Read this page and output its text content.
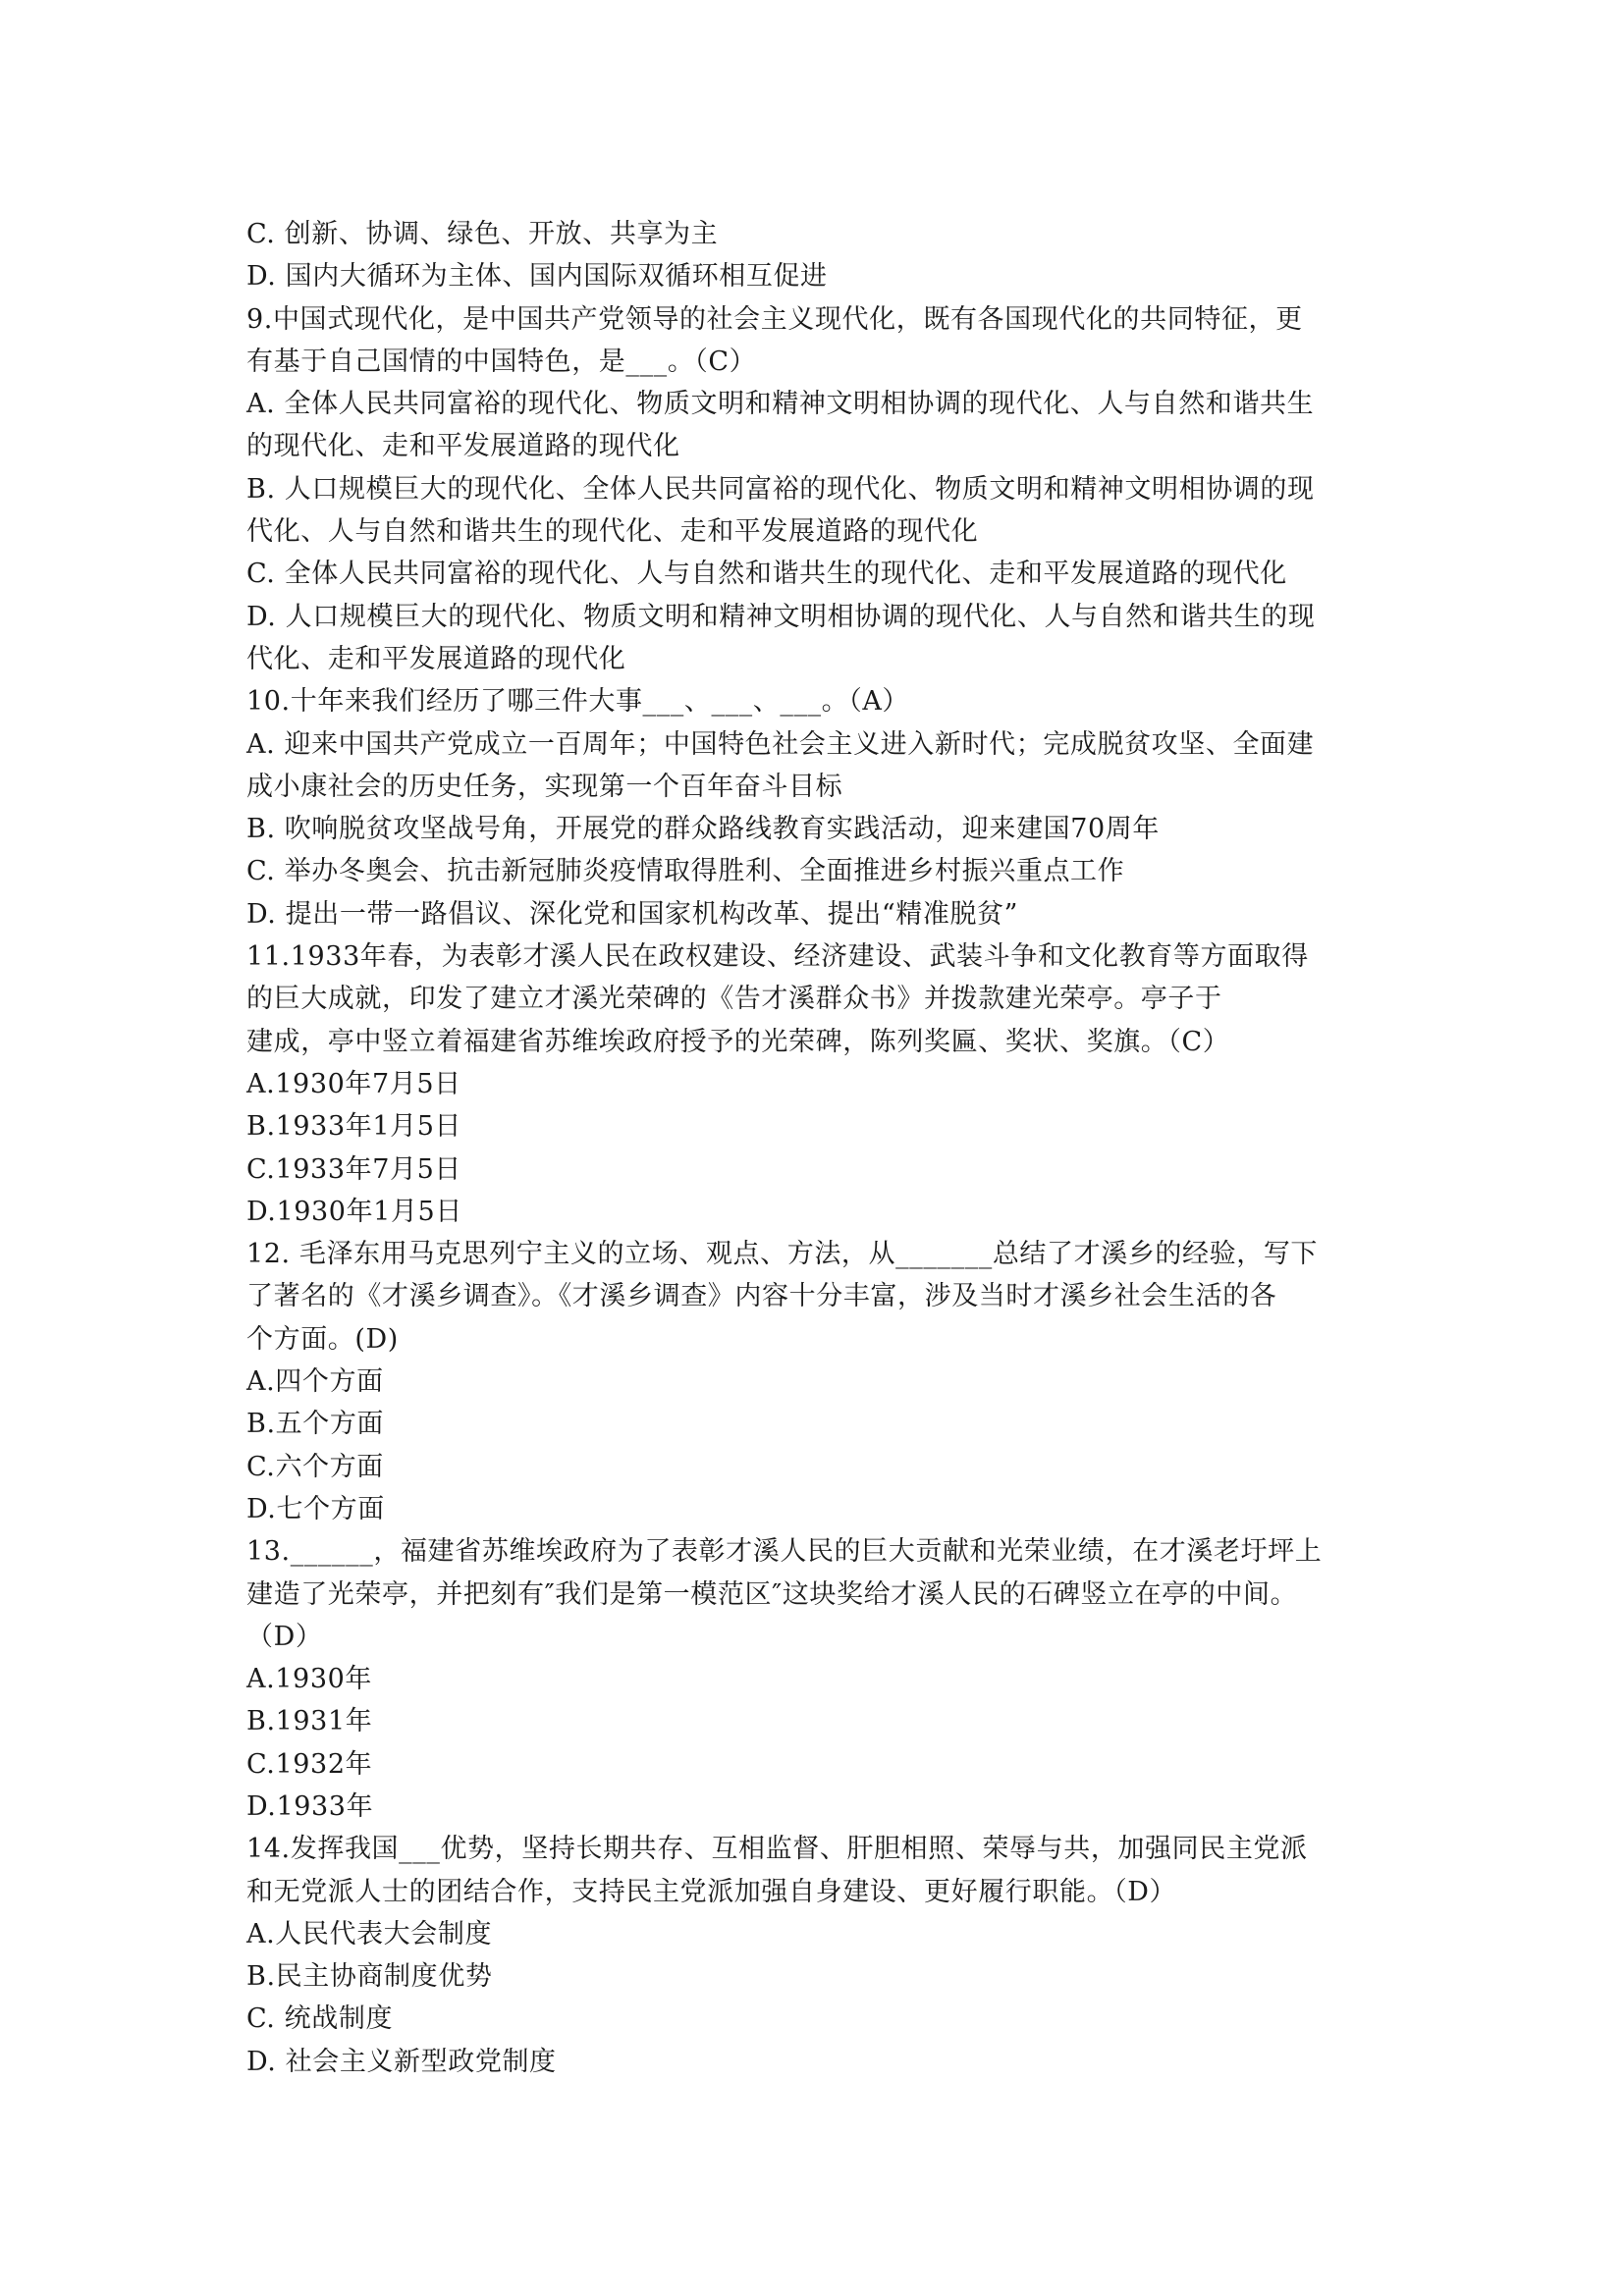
C. 创新、协调、绿色、开放、共享为主
D. 国内大循环为主体、国内国际双循环相互促进
9.中国式现代化，是中国共产党领导的社会主义现代化，既有各国现代化的共同特征，更
有基于自己国情的中国特色，是___。（C）
A. 全体人民共同富裕的现代化、物质文明和精神文明相协调的现代化、人与自然和谐共生
的现代化、走和平发展道路的现代化
B. 人口规模巨大的现代化、全体人民共同富裕的现代化、物质文明和精神文明相协调的现
代化、人与自然和谐共生的现代化、走和平发展道路的现代化
C. 全体人民共同富裕的现代化、人与自然和谐共生的现代化、走和平发展道路的现代化
D. 人口规模巨大的现代化、物质文明和精神文明相协调的现代化、人与自然和谐共生的现
代化、走和平发展道路的现代化
10.十年来我们经历了哪三件大事___、___、___。（A）
A. 迎来中国共产党成立一百周年；中国特色社会主义进入新时代；完成脱贫攻坚、全面建
成小康社会的历史任务，实现第一个百年奋斗目标
B. 吹响脱贫攻坚战号角，开展党的群众路线教育实践活动，迎来建国70周年
C. 举办冬奥会、抗击新冠肺炎疫情取得胜利、全面推进乡村振兴重点工作
D. 提出一带一路倡议、深化党和国家机构改革、提出“精准脱贫”
11.1933年春，为表彰才溪人民在政权建设、经济建设、武装斗争和文化教育等方面取得
的巨大成就，印发了建立才溪光荣碑的《告才溪群众书》并拨款建光荣亭。亭子于
建成，亭中竖立着福建省苏维埃政府授予的光荣碑，陈列奖匾、奖状、奖旗。（C）
A.1930年7月5日
B.1933年1月5日
C.1933年7月5日
D.1930年1月5日
12. 毛泽东用马克思列宁主义的立场、观点、方法，从_______总结了才溪乡的经验，写下
了著名的《才溪乡调查》。《才溪乡调查》内容十分丰富，涉及当时才溪乡社会生活的各
个方面。(D)
A.四个方面
B.五个方面
C.六个方面
D.七个方面
13.______，福建省苏维埃政府为了表彰才溪人民的巨大贡献和光荣业绩，在才溪老圩坪上
建造了光荣亭，并把刻有″我们是第一模范区″这块奖给才溪人民的石碑竖立在亭的中间。
（D）
A.1930年
B.1931年
C.1932年
D.1933年
14.发挥我国___优势，坚持长期共存、互相监督、肝胆相照、荣辱与共，加强同民主党派
和无党派人士的团结合作，支持民主党派加强自身建设、更好履行职能。（D）
A.人民代表大会制度
B.民主协商制度优势
C. 统战制度
D. 社会主义新型政党制度
